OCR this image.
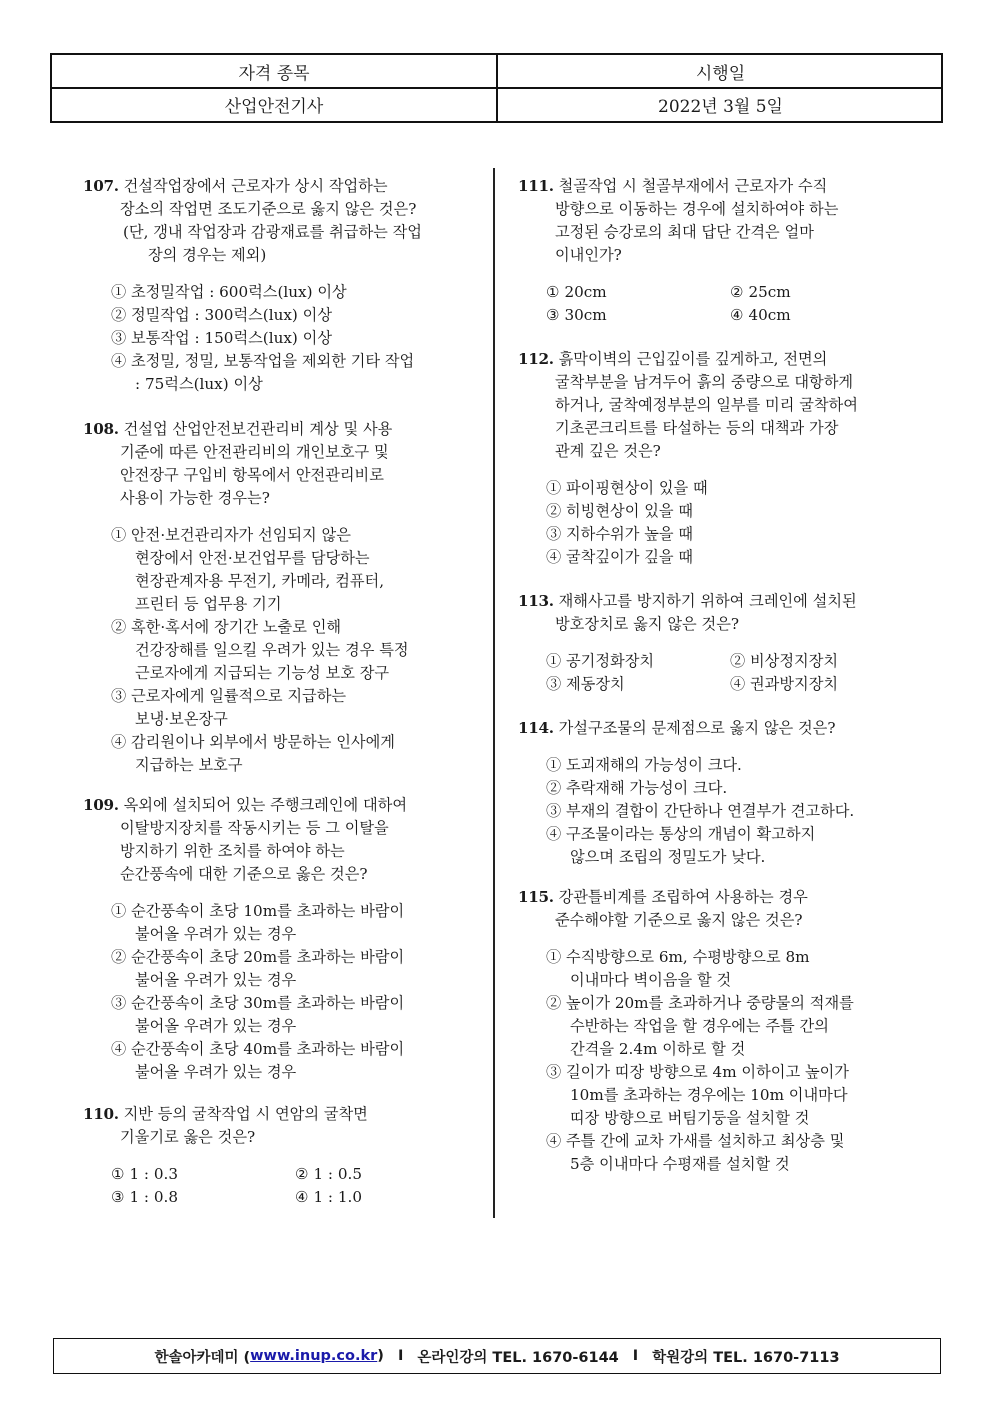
자격 종목	시행일
산업안전기사	2022년 3월 5일
107. 건설작업장에서 근로자가 상시 작업하는
장소의 작업면 조도기준으로 옳지 않은 것은?
(단, 갱내 작업장과 감광재료를 취급하는 작업
장의 경우는 제외)
① 초정밀작업 : 600럭스(lux) 이상
② 정밀작업 : 300럭스(lux) 이상
③ 보통작업 : 150럭스(lux) 이상
④ 초정밀, 정밀, 보통작업을 제외한 기타 작업
: 75럭스(lux) 이상
108. 건설업 산업안전보건관리비 계상 및 사용
기준에 따른 안전관리비의 개인보호구 및
안전장구 구입비 항목에서 안전관리비로
사용이 가능한 경우는?
① 안전·보건관리자가 선임되지 않은
현장에서 안전·보건업무를 담당하는
현장관계자용 무전기, 카메라, 컴퓨터,
프린터 등 업무용 기기
② 혹한·혹서에 장기간 노출로 인해
건강장해를 일으킬 우려가 있는 경우 특정
근로자에게 지급되는 기능성 보호 장구
③ 근로자에게 일률적으로 지급하는
보냉·보온장구
④ 감리원이나 외부에서 방문하는 인사에게
지급하는 보호구
109. 옥외에 설치되어 있는 주행크레인에 대하여
이탈방지장치를 작동시키는 등 그 이탈을
방지하기 위한 조치를 하여야 하는
순간풍속에 대한 기준으로 옳은 것은?
① 순간풍속이 초당 10m를 초과하는 바람이
불어올 우려가 있는 경우
② 순간풍속이 초당 20m를 초과하는 바람이
불어올 우려가 있는 경우
③ 순간풍속이 초당 30m를 초과하는 바람이
불어올 우려가 있는 경우
④ 순간풍속이 초당 40m를 초과하는 바람이
불어올 우려가 있는 경우
110. 지반 등의 굴착작업 시 연암의 굴착면
기울기로 옳은 것은?
① 1 : 0.3	② 1 : 0.5
③ 1 : 0.8	④ 1 : 1.0
111. 철골작업 시 철골부재에서 근로자가 수직
방향으로 이동하는 경우에 설치하여야 하는
고정된 승강로의 최대 답단 간격은 얼마
이내인가?
① 20cm	② 25cm
③ 30cm	④ 40cm
112. 흙막이벽의 근입깊이를 깊게하고, 전면의
굴착부분을 남겨두어 흙의 중량으로 대항하게
하거나, 굴착예정부분의 일부를 미리 굴착하여
기초콘크리트를 타설하는 등의 대책과 가장
관계 깊은 것은?
① 파이핑현상이 있을 때
② 히빙현상이 있을 때
③ 지하수위가 높을 때
④ 굴착깊이가 깊을 때
113. 재해사고를 방지하기 위하여 크레인에 설치된
방호장치로 옳지 않은 것은?
① 공기정화장치	② 비상정지장치
③ 제동장치	④ 권과방지장치
114. 가설구조물의 문제점으로 옳지 않은 것은?
① 도괴재해의 가능성이 크다.
② 추락재해 가능성이 크다.
③ 부재의 결합이 간단하나 연결부가 견고하다.
④ 구조물이라는 통상의 개념이 확고하지
않으며 조립의 정밀도가 낮다.
115. 강관틀비계를 조립하여 사용하는 경우
준수해야할 기준으로 옳지 않은 것은?
① 수직방향으로 6m, 수평방향으로 8m
이내마다 벽이음을 할 것
② 높이가 20m를 초과하거나 중량물의 적재를
수반하는 작업을 할 경우에는 주틀 간의
간격을 2.4m 이하로 할 것
③ 길이가 띠장 방향으로 4m 이하이고 높이가
10m를 초과하는 경우에는 10m 이내마다
띠장 방향으로 버팀기둥을 설치할 것
④ 주틀 간에 교차 가새를 설치하고 최상층 및
5층 이내마다 수평재를 설치할 것
한솔아카데미 ( www.inup.co.kr ) I 온라인강의 TEL. 1670-6144 I 학원강의 TEL. 1670-7113
